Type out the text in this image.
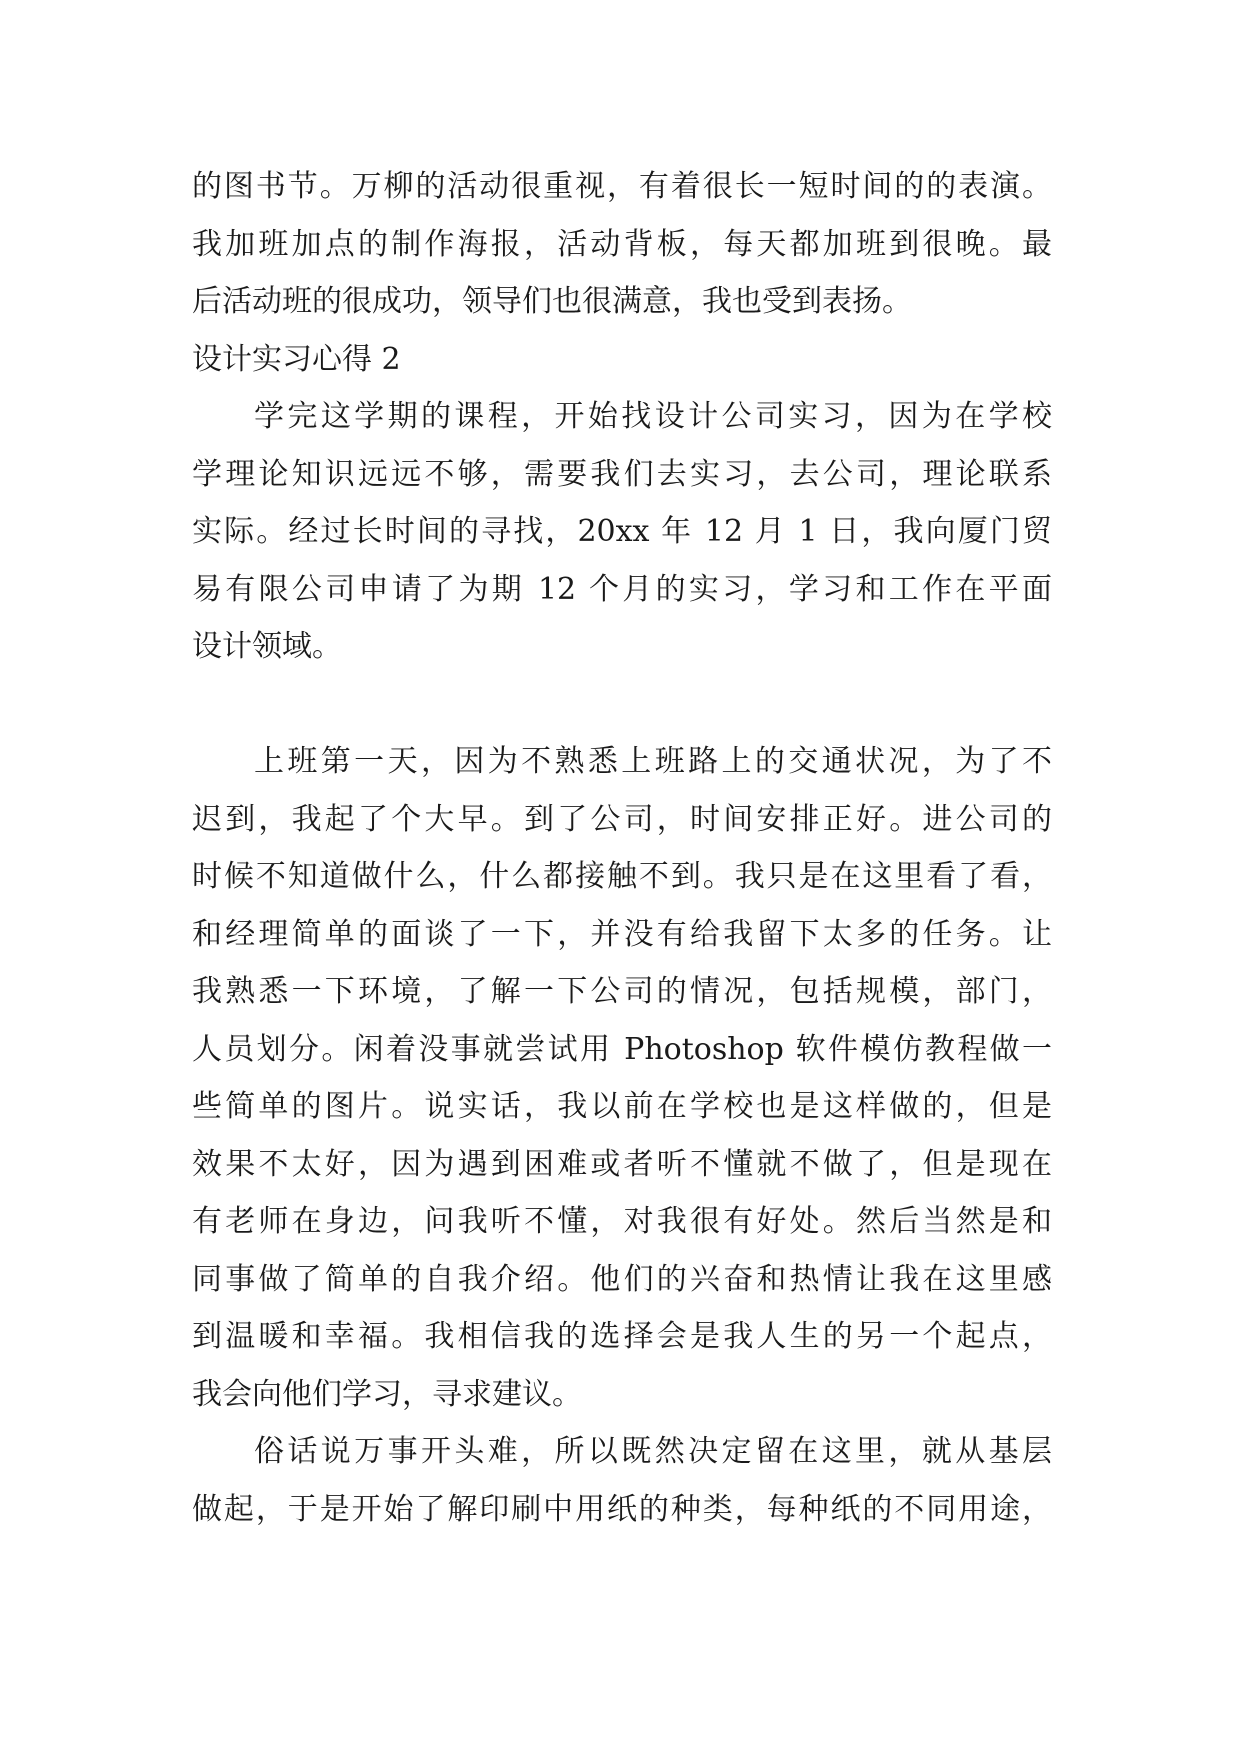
的图书节。万柳的活动很重视，有着很长一短时间的的表演。
我加班加点的制作海报，活动背板，每天都加班到很晚。最
后活动班的很成功，领导们也很满意，我也受到表扬。
设计实习心得 2
学完这学期的课程，开始找设计公司实习，因为在学校
学理论知识远远不够，需要我们去实习，去公司，理论联系
实际。经过长时间的寻找，20xx 年 12 月 1 日，我向厦门贸
易有限公司申请了为期 12 个月的实习，学习和工作在平面
设计领域。
上班第一天，因为不熟悉上班路上的交通状况，为了不
迟到，我起了个大早。到了公司，时间安排正好。进公司的
时候不知道做什么，什么都接触不到。我只是在这里看了看，
和经理简单的面谈了一下，并没有给我留下太多的任务。让
我熟悉一下环境，了解一下公司的情况，包括规模，部门，
人员划分。闲着没事就尝试用 Photoshop 软件模仿教程做一
些简单的图片。说实话，我以前在学校也是这样做的，但是
效果不太好，因为遇到困难或者听不懂就不做了，但是现在
有老师在身边，问我听不懂，对我很有好处。然后当然是和
同事做了简单的自我介绍。他们的兴奋和热情让我在这里感
到温暖和幸福。我相信我的选择会是我人生的另一个起点，
我会向他们学习，寻求建议。
俗话说万事开头难，所以既然决定留在这里，就从基层
做起，于是开始了解印刷中用纸的种类，每种纸的不同用途，
